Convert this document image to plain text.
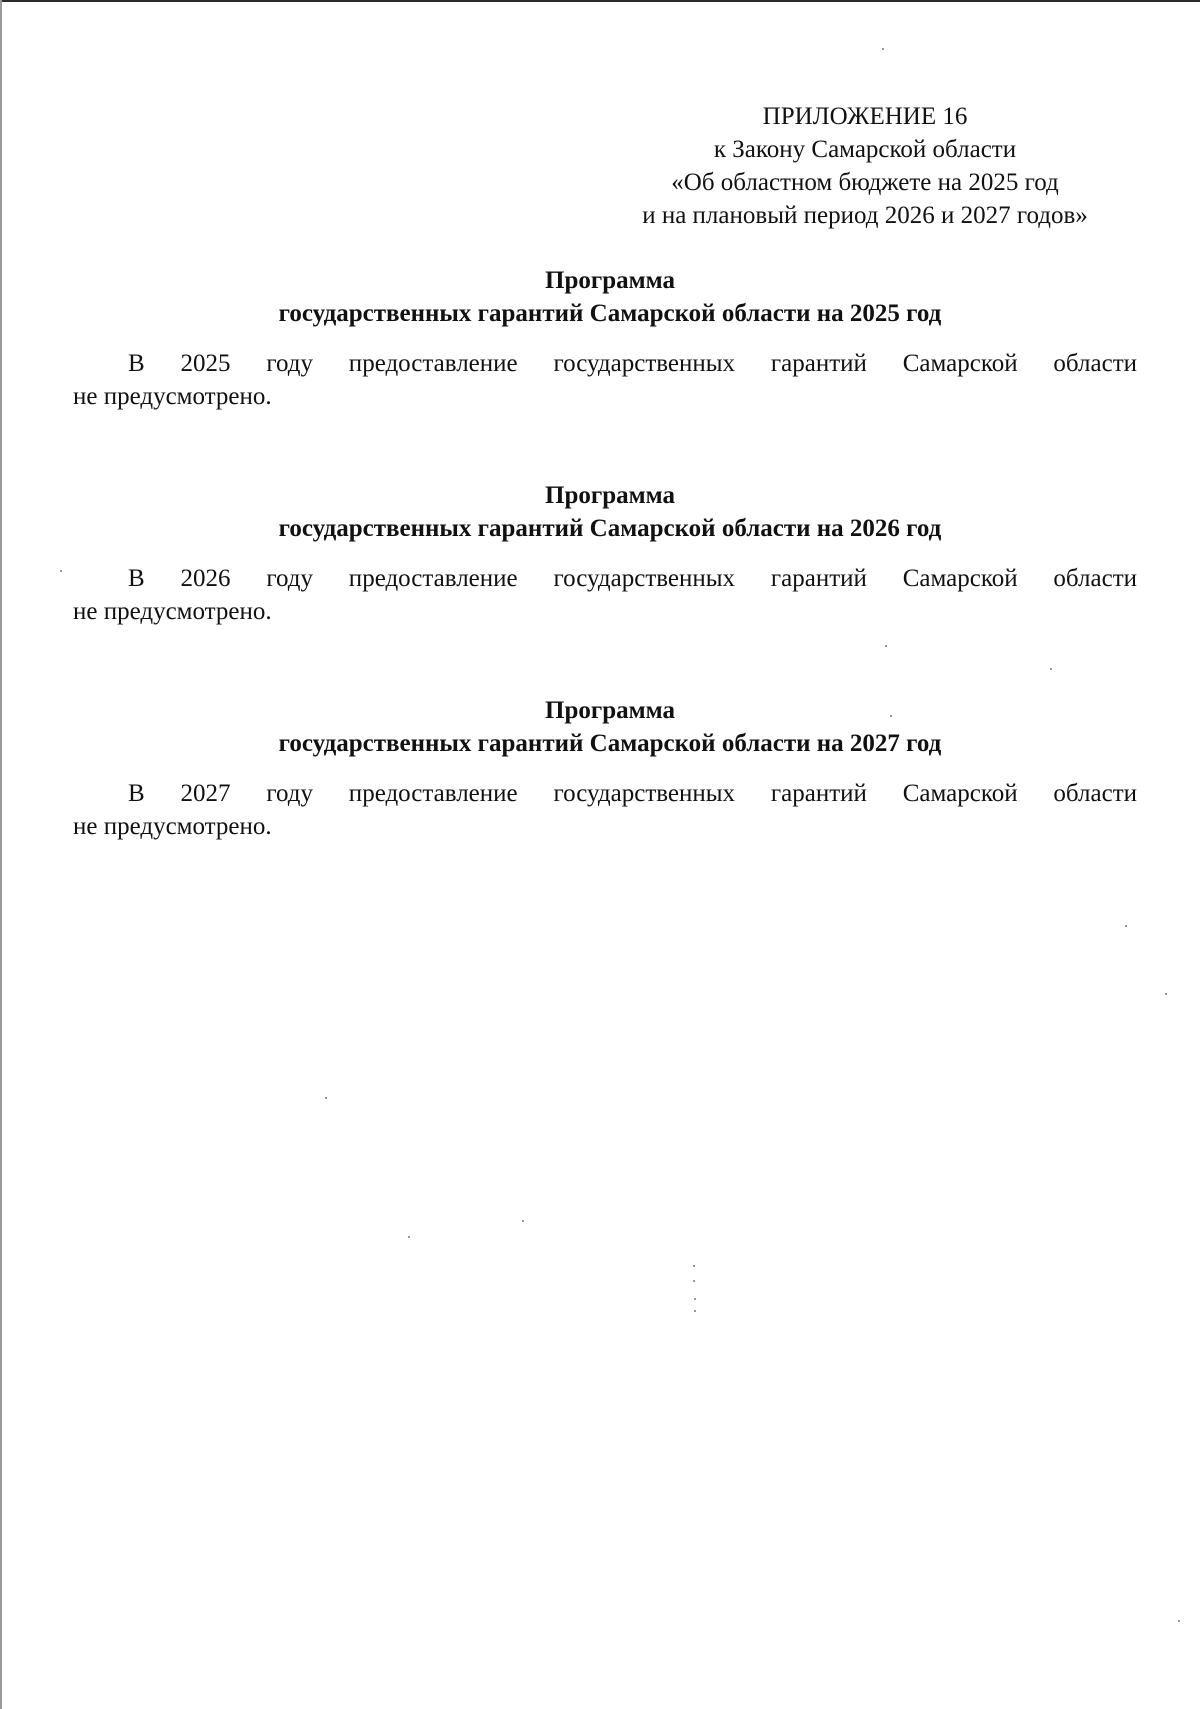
ПРИЛОЖЕНИЕ 16
к Закону Самарской области
«Об областном бюджете на 2025 год
и на плановый период 2026 и 2027 годов»
Программа
государственных гарантий Самарской области на 2025 год
В 2025 году предоставление государственных гарантий Самарской области
не предусмотрено.
Программа
государственных гарантий Самарской области на 2026 год
В 2026 году предоставление государственных гарантий Самарской области
не предусмотрено.
Программа
государственных гарантий Самарской области на 2027 год
В 2027 году предоставление государственных гарантий Самарской области
не предусмотрено.
